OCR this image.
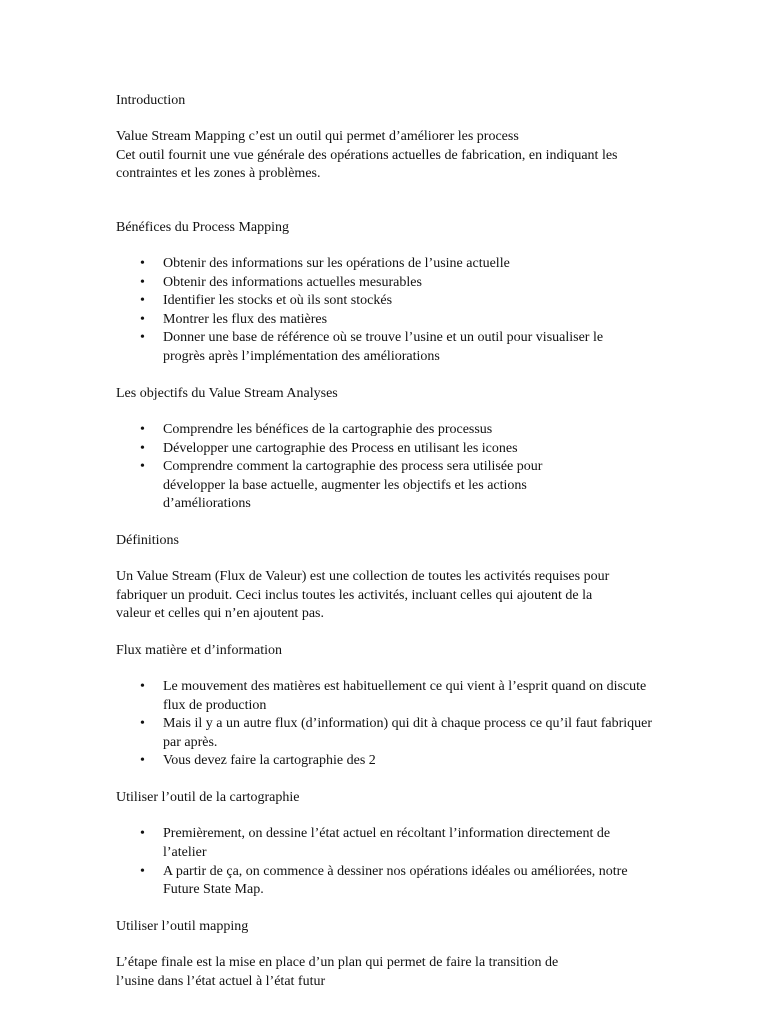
Introduction

Value Stream Mapping c’est un outil qui permet d’améliorer les process

Cet outil fournit une vue générale des opérations actuelles de fabrication, en indiquant les contraintes et les zones à problèmes.

Bénéfices du Process Mapping

• Obtenir des informations sur les opérations de l’usine actuelle
• Obtenir des informations actuelles mesurables
• Identifier les stocks et où ils sont stockés
• Montrer les flux des matières
• Donner une base de référence où se trouve l’usine et un outil pour visualiser le progrès après l’implémentation des améliorations

Les objectifs du Value Stream Analyses

• Comprendre les bénéfices de la cartographie des processus
• Développer une cartographie des Process en utilisant les icones
• Comprendre comment la cartographie des process sera utilisée pour développer la base actuelle, augmenter les objectifs et les actions d’améliorations

Définitions

Un Value Stream (Flux de Valeur) est une collection de toutes les activités requises pour fabriquer un produit. Ceci inclus toutes les activités, incluant celles qui ajoutent de la valeur et celles qui n’en ajoutent pas.

Flux matière et d’information

• Le mouvement des matières est habituellement ce qui vient à l’esprit quand on discute flux de production
• Mais il y a un autre flux (d’information) qui dit à chaque process ce qu’il faut fabriquer par après.
• Vous devez faire la cartographie des 2

Utiliser l’outil de la cartographie

• Premièrement, on dessine l’état actuel en récoltant l’information directement de l’atelier
• A partir de ça, on commence à dessiner nos opérations idéales ou améliorées, notre Future State Map.

Utiliser l’outil mapping

L’étape finale est la mise en place d’un plan qui permet de faire la transition de l’usine dans l’état actuel à l’état futur
